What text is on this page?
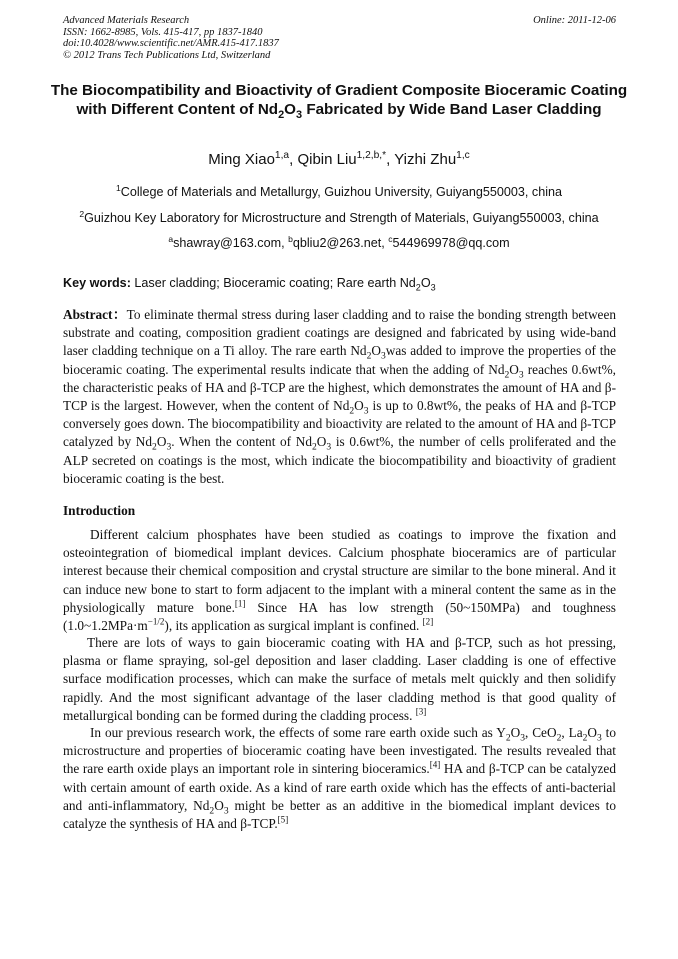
Advanced Materials Research
ISSN: 1662-8985, Vols. 415-417, pp 1837-1840
doi:10.4028/www.scientific.net/AMR.415-417.1837
© 2012 Trans Tech Publications Ltd, Switzerland
Online: 2011-12-06
The Biocompatibility and Bioactivity of Gradient Composite Bioceramic Coating with Different Content of $Nd_2O_3$ Fabricated by Wide Band Laser Cladding
Ming Xiao$^{1,a}$, Qibin Liu$^{1,2,b,*}$, Yizhi Zhu$^{1,c}$
$^1$College of Materials and Metallurgy, Guizhou University, Guiyang550003, china
$^2$Guizhou Key Laboratory for Microstructure and Strength of Materials, Guiyang550003, china
$^a$shawray@163.com, $^b$qbliu2@263.net, $^c$544969978@qq.com
Key words: Laser cladding; Bioceramic coating; Rare earth $Nd_2O_3$

Abstract：To eliminate thermal stress during laser cladding and to raise the bonding strength between substrate and coating, composition gradient coatings are designed and fabricated by using wide-band laser cladding technique on a Ti alloy. The rare earth $Nd_2O_3was$ added to improve the properties of the bioceramic coating. The experimental results indicate that when the adding of $Nd_2O_3$ reaches 0.6wt%, the characteristic peaks of HA and β-TCP are the highest, which demonstrates the amount of HA and β-TCP is the largest. However, when the content of $Nd_2O_3$ is up to 0.8wt%, the peaks of HA and β-TCP conversely goes down. The biocompatibility and bioactivity are related to the amount of HA and β-TCP catalyzed by $Nd_2O_3$. When the content of $Nd_2O_3$ is 0.6wt%, the number of cells proliferated and the ALP secreted on coatings is the most, which indicate the biocompatibility and bioactivity of gradient bioceramic coating is the best.

Introduction

Different calcium phosphates have been studied as coatings to improve the fixation and osteointegration of biomedical implant devices. Calcium phosphate bioceramics are of particular interest because their chemical composition and crystal structure are similar to the bone mineral. And it can induce new bone to start to form adjacent to the implant with a mineral content the same as in the physiologically mature bone.[1] Since HA has low strength (50~150MPa) and toughness $(1.0\sim 1.2MPa\cdot m^{-1/2})$, its application as surgical implant is confined. [2]

There are lots of ways to gain bioceramic coating with HA and β-TCP, such as hot pressing, plasma or flame spraying, sol-gel deposition and laser cladding. Laser cladding is one of effective surface modification processes, which can make the surface of metals melt quickly and then solidify rapidly. And the most significant advantage of the laser cladding method is that good quality of metallurgical bonding can be formed during the cladding process. [3]

In our previous research work, the effects of some rare earth oxide such as $Y_2O_3$, CeO$_2$, $La_2O_3$ to microstructure and properties of bioceramic coating have been investigated. The results revealed that the rare earth oxide plays an important role in sintering bioceramics.[4] HA and β-TCP can be catalyzed with certain amount of earth oxide. As a kind of rare earth oxide which has the effects of anti-bacterial and anti-inflammatory, $Nd_2O_3$ might be better as an additive in the biomedical implant devices to catalyze the synthesis of HA and β-TCP.[5]
